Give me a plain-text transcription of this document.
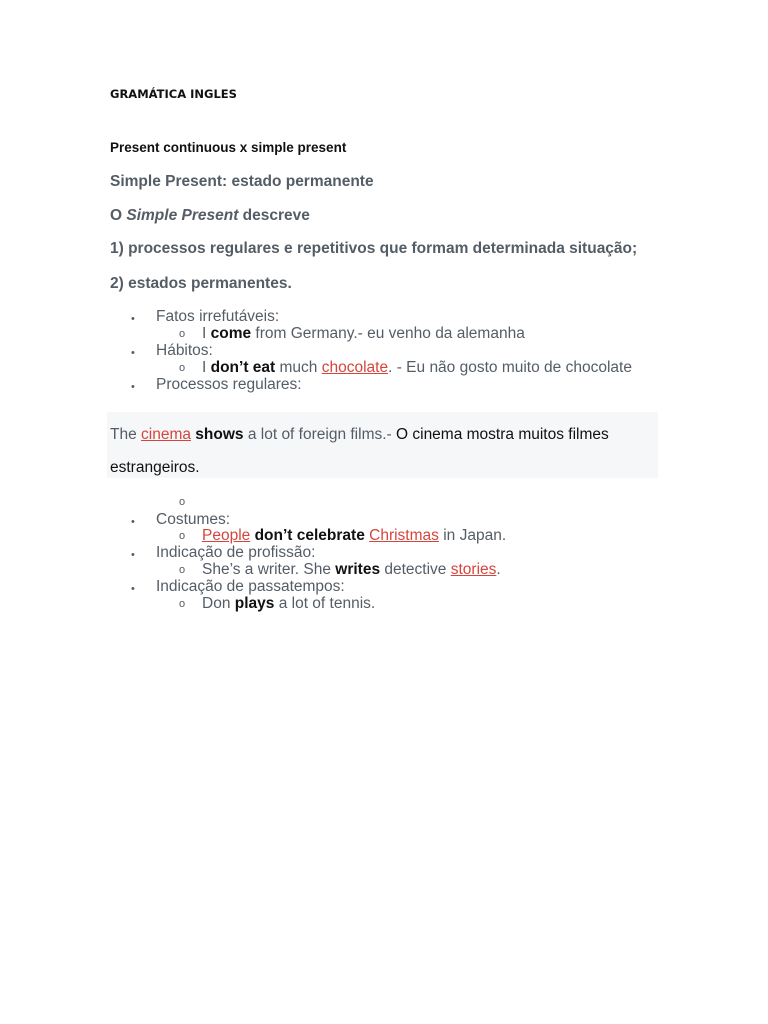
GRAMÁTICA INGLES
Present continuous x simple present
Simple Present: estado permanente
O Simple Present descreve
1) processos regulares e repetitivos que formam determinada situação;
2) estados permanentes.
• Fatos irrefutáveis:
o I come from Germany.- eu venho da alemanha
• Hábitos:
o I don’t eat much chocolate. - Eu não gosto muito de chocolate
• Processos regulares:
The cinema shows a lot of foreign films.- O cinema mostra muitos filmes
estrangeiros.
o
• Costumes:
o People don’t celebrate Christmas in Japan.
• Indicação de profissão:
o She’s a writer. She writes detective stories.
• Indicação de passatempos:
o Don plays a lot of tennis.
